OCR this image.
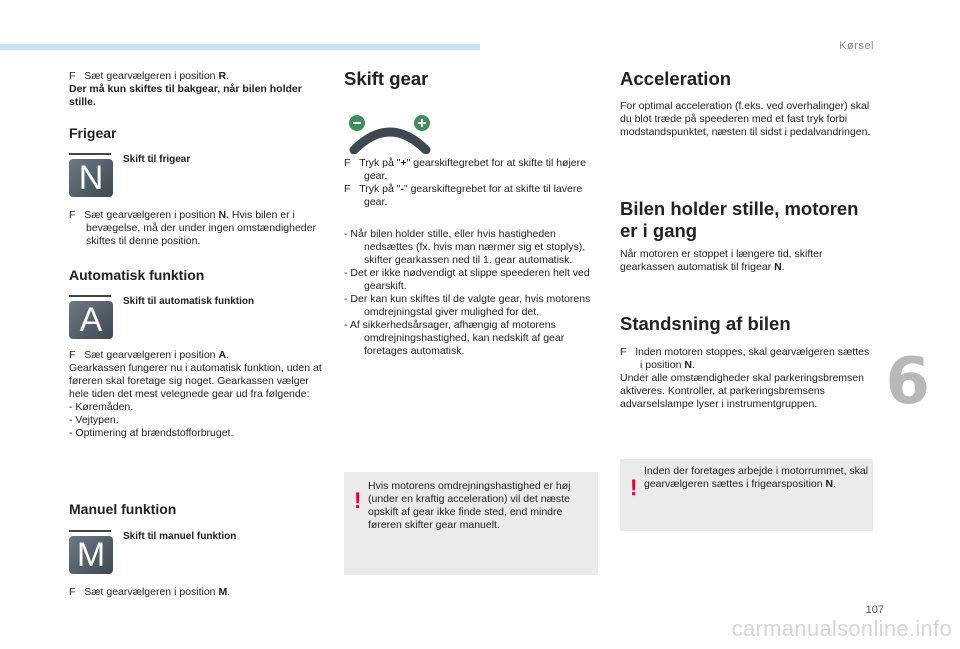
Kørsel
6
107
carmanualsonline.info

F Sæt gearvælgeren i position R.
Der må kun skiftes til bakgear, når bilen holder stille.

Frigear
N	Skift til frigear

F Sæt gearvælgeren i position N. Hvis bilen er i bevægelse, må der under ingen omstændigheder skiftes til denne position.

Automatisk funktion
A	Skift til automatisk funktion

F Sæt gearvælgeren i position A.
Gearkassen fungerer nu i automatisk funktion, uden at føreren skal foretage sig noget. Gearkassen vælger hele tiden det mest velegnede gear ud fra følgende:
- Køremåden.
- Vejtypen.
- Optimering af brændstofforbruget.

Manuel funktion
M	Skift til manuel funktion

F Sæt gearvælgeren i position M.

Skift gear

F Tryk på "+" gearskiftegrebet for at skifte til højere gear.
F Tryk på "-" gearskiftegrebet for at skifte til lavere gear.

- Når bilen holder stille, eller hvis hastigheden nedsættes (fx. hvis man nærmer sig et stoplys), skifter gearkassen ned til 1. gear automatisk.
- Det er ikke nødvendigt at slippe speederen helt ved gearskift.
- Der kan kun skiftes til de valgte gear, hvis motorens omdrejningstal giver mulighed for det.
- Af sikkerhedsårsager, afhængig af motorens omdrejningshastighed, kan nedskift af gear foretages automatisk.

!
Hvis motorens omdrejningshastighed er høj (under en kraftig acceleration) vil det næste opskift af gear ikke finde sted, end mindre føreren skifter gear manuelt.
Acceleration

For optimal acceleration (f.eks. ved overhalinger) skal du blot træde på speederen med et fast tryk forbi modstandspunktet, næsten til sidst i pedalvandringen.

Bilen holder stille, motoren er i gang

Når motoren er stoppet i længere tid, skifter gearkassen automatisk til frigear N.

Standsning af bilen

F Inden motoren stoppes, skal gearvælgeren sættes i position N.
Under alle omstændigheder skal parkeringsbremsen aktiveres. Kontroller, at parkeringsbremsens advarselslampe lyser i instrumentgruppen.

!
Inden der foretages arbejde i motorrummet, skal gearvælgeren sættes i frigearsposition N.
